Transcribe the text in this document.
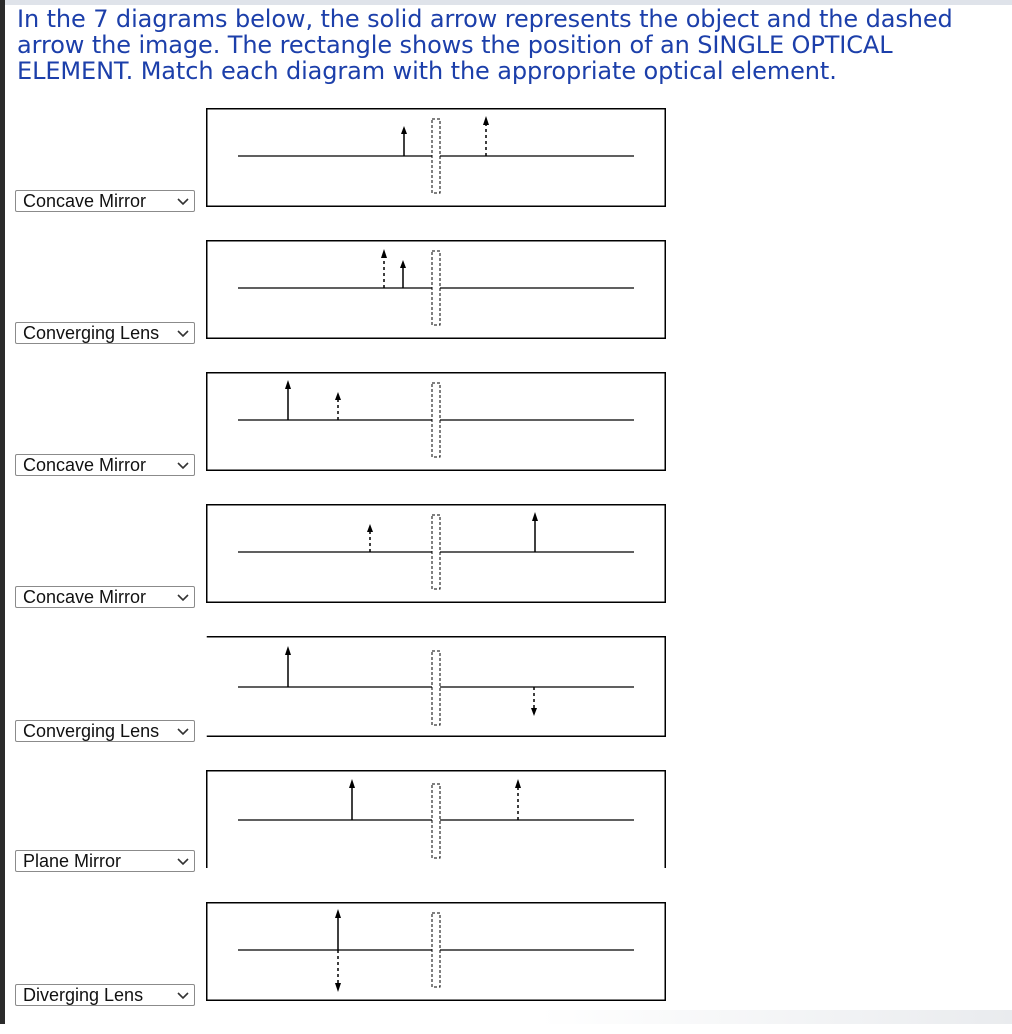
In the 7 diagrams below, the solid arrow represents the object and the dashed arrow the image. The rectangle shows the position of an SINGLE OPTICAL ELEMENT. Match each diagram with the appropriate optical element.

Concave Mirror
Converging Lens
Concave Mirror
Concave Mirror
Converging Lens
Plane Mirror
Diverging Lens
